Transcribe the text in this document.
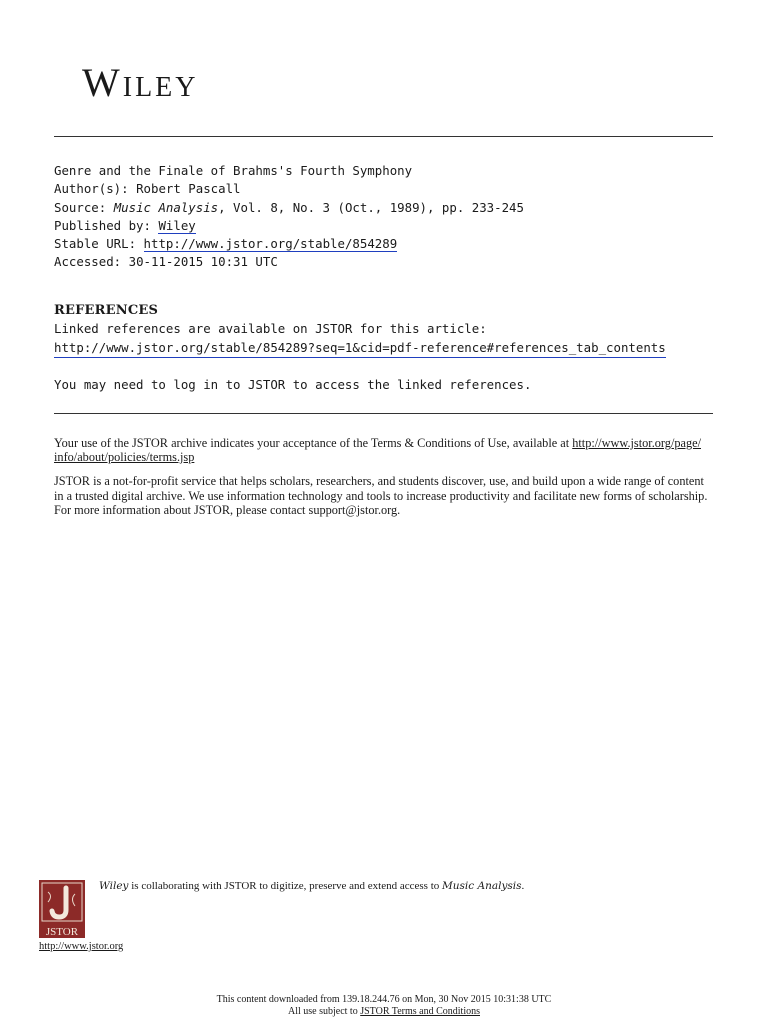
Wiley
Genre and the Finale of Brahms's Fourth Symphony
Author(s): Robert Pascall
Source: Music Analysis, Vol. 8, No. 3 (Oct., 1989), pp. 233-245
Published by: Wiley
Stable URL: http://www.jstor.org/stable/854289
Accessed: 30-11-2015 10:31 UTC
REFERENCES
Linked references are available on JSTOR for this article:
http://www.jstor.org/stable/854289?seq=1&cid=pdf-reference#references_tab_contents
You may need to log in to JSTOR to access the linked references.

Your use of the JSTOR archive indicates your acceptance of the Terms & Conditions of Use, available at http://www.jstor.org/page/
info/about/policies/terms.jsp

JSTOR is a not-for-profit service that helps scholars, researchers, and students discover, use, and build upon a wide range of content
in a trusted digital archive. We use information technology and tools to increase productivity and facilitate new forms of scholarship.
For more information about JSTOR, please contact support@jstor.org.

JSTOR
http://www.jstor.org
Wiley is collaborating with JSTOR to digitize, preserve and extend access to Music Analysis.
This content downloaded from 139.18.244.76 on Mon, 30 Nov 2015 10:31:38 UTC
All use subject to JSTOR Terms and Conditions
